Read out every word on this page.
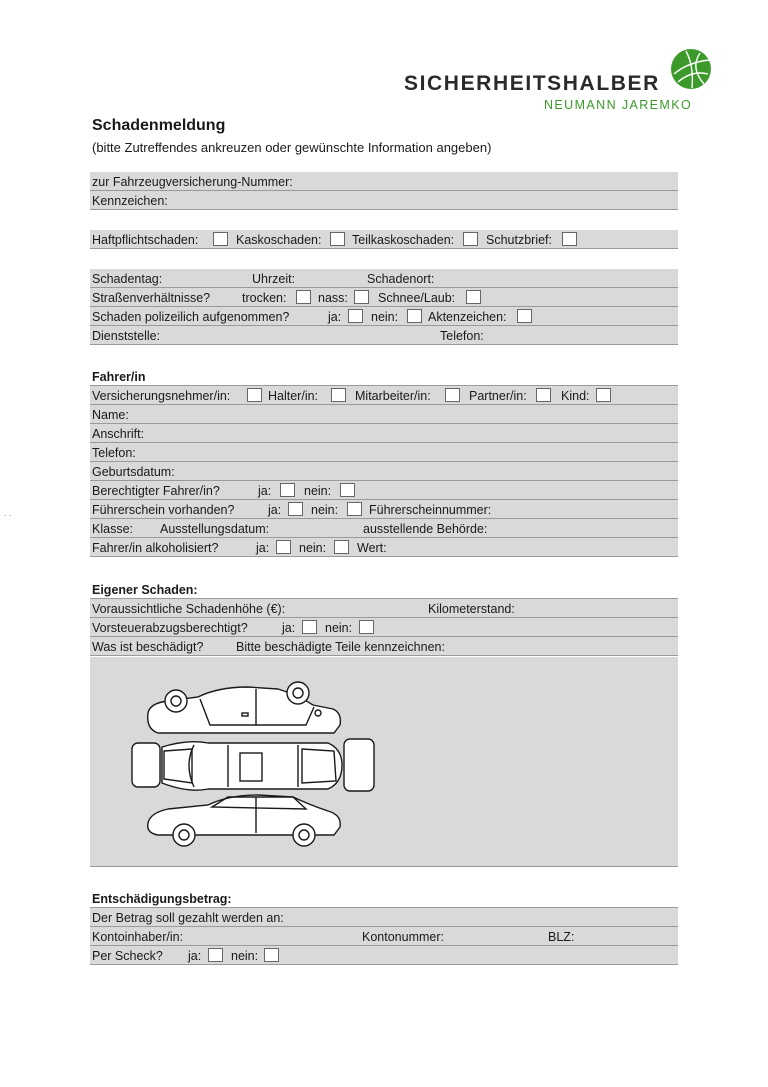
SICHERHEITSHALBER
NEUMANN JAREMKO
Schadenmeldung
(bitte Zutreffendes ankreuzen oder gewünschte Information angeben)
zur Fahrzeugversicherung-Nummer:
Kennzeichen:
Haftpflichtschaden:	Kaskoschaden: Teilkaskoschaden:	Schutzbrief:
Schadentag:	Uhrzeit:	Schadenort:
Straßenverhältnisse?	trocken:	nass: Schnee/Laub:
Schaden polizeilich aufgenommen?	ja: nein: Aktenzeichen:
Dienststelle:	Telefon:
Fahrer/in
Versicherungsnehmer/in:	Halter/in:	Mitarbeiter/in:	Partner/in:	Kind:
Name:
Anschrift:
Telefon:
Geburtsdatum:
Berechtigter Fahrer/in?	ja:	nein:
Führerschein vorhanden?	ja: nein: Führerscheinnummer:
Klasse: Ausstellungsdatum:	ausstellende Behörde:
Fahrer/in alkoholisiert?	ja: nein: Wert:
. .
Eigener Schaden:
Voraussichtliche Schadenhöhe (€):	Kilometerstand:
Vorsteuerabzugsberechtigt?	ja: nein:
Was ist beschädigt?	Bitte beschädigte Teile kennzeichnen:
Entschädigungsbetrag:
Der Betrag soll gezahlt werden an:
Kontoinhaber/in:	Kontonummer:	BLZ:
Per Scheck? ja: nein:
